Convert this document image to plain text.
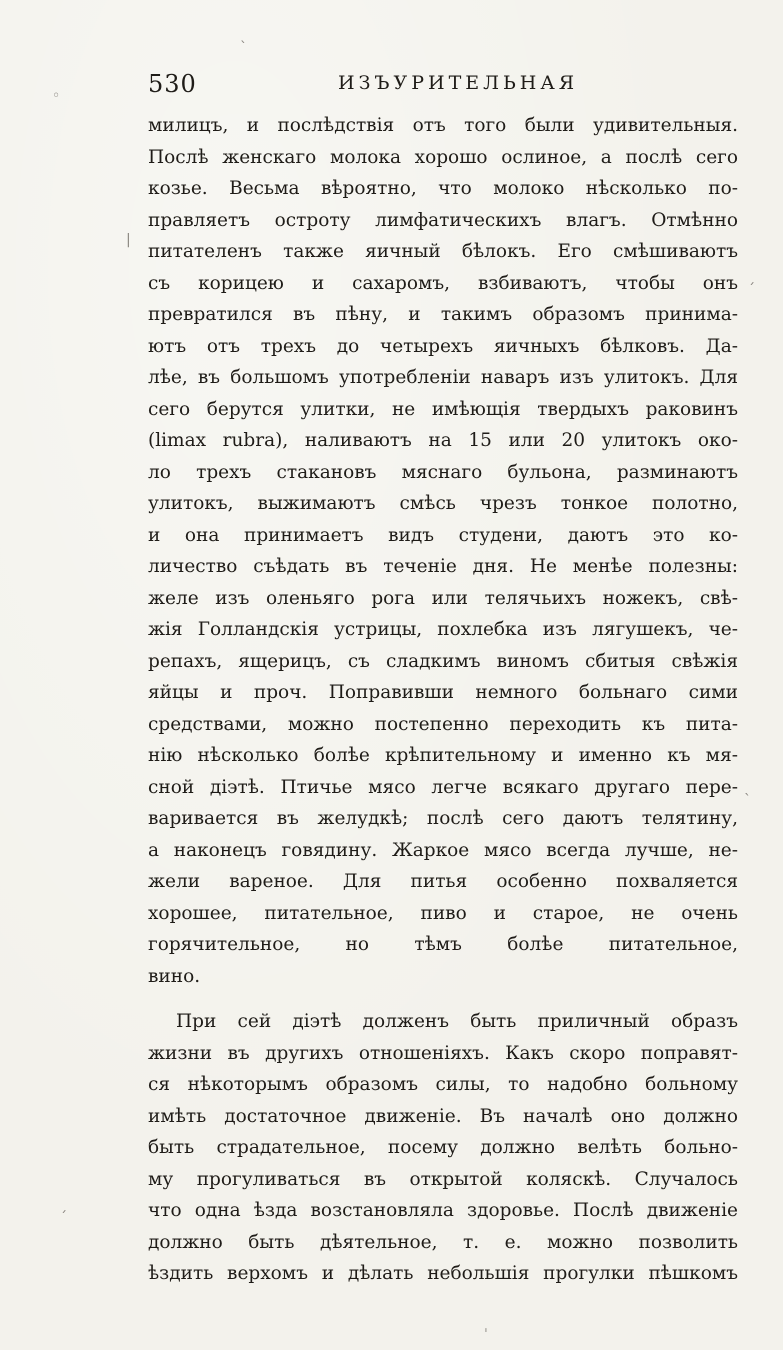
530	ИЗЪУРИТЕЛЬНАЯ
милицъ, и послѣдствія отъ того были удивительныя.
Послѣ женскаго молока хорошо ослиное, а послѣ сего
козье. Весьма вѣроятно, что молоко нѣсколько по-
правляетъ остроту лимфатическихъ влагъ. Отмѣнно
питателенъ также яичный бѣлокъ. Его смѣшиваютъ
съ корицею и сахаромъ, взбиваютъ, чтобы онъ
превратился въ пѣну, и такимъ образомъ принима-
ютъ отъ трехъ до четырехъ яичныхъ бѣлковъ. Да-
лѣе, въ большомъ употребленіи наваръ изъ улитокъ. Для
сего берутся улитки, не имѣющія твердыхъ раковинъ
(limax rubra), наливаютъ на 15 или 20 улитокъ око-
ло трехъ стакановъ мяснаго бульона, разминаютъ
улитокъ, выжимаютъ смѣсь чрезъ тонкое полотно,
и она принимаетъ видъ студени, даютъ это ко-
личество съѣдать въ теченіе дня. Не менѣе полезны:
желе изъ оленьяго рога или телячьихъ ножекъ, свѣ-
жія Голландскія устрицы, похлебка изъ лягушекъ, че-
репахъ, ящерицъ, съ сладкимъ виномъ сбитыя свѣжія
яйцы и проч. Поправивши немного больнаго сими
средствами, можно постепенно переходить къ пита-
нію нѣсколько болѣе крѣпительному и именно къ мя-
сной діэтѣ. Птичье мясо легче всякаго другаго пере-
варивается въ желудкѣ; послѣ сего даютъ телятину,
а наконецъ говядину. Жаркое мясо всегда лучше, не-
жели вареное. Для питья особенно похваляется
хорошее, питательное, пиво и старое, не очень
горячительное, но тѣмъ болѣе питательное,
вино.
При сей діэтѣ долженъ быть приличный образъ
жизни въ другихъ отношеніяхъ. Какъ скоро поправят-
ся нѣкоторымъ образомъ силы, то надобно больному
имѣть достаточное движеніе. Въ началѣ оно должно
быть страдательное, посему должно велѣть больно-
му прогуливаться въ открытой коляскѣ. Случалось
что одна ѣзда возстановляла здоровье. Послѣ движеніе
должно быть дѣятельное, т. е. можно позволить
ѣздить верхомъ и дѣлать небольшія прогулки пѣшкомъ
ˋ
◦
|
ˊ
ˎ
ˊ
ˌ
